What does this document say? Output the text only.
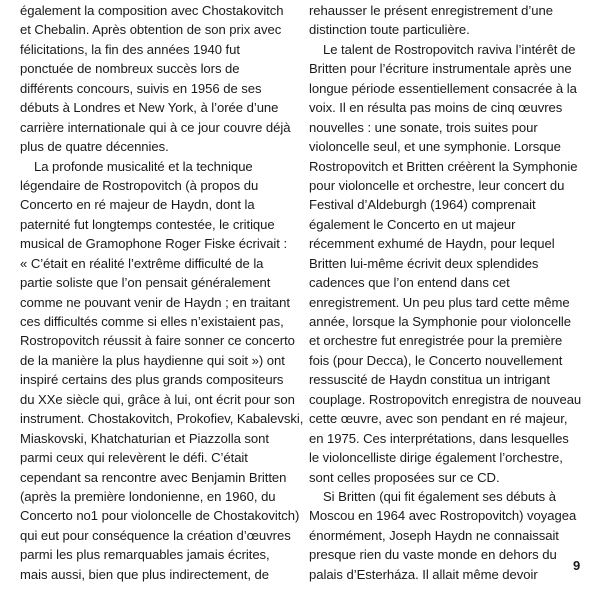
également la composition avec Chostakovitch
et Chebalin. Après obtention de son prix avec
félicitations, la fin des années 1940 fut
ponctuée de nombreux succès lors de
différents concours, suivis en 1956 de ses
débuts à Londres et New York, à l’orée d’une
carrière internationale qui à ce jour couvre déjà
plus de quatre décennies.
La profonde musicalité et la technique
légendaire de Rostropovitch (à propos du
Concerto en ré majeur de Haydn, dont la
paternité fut longtemps contestée, le critique
musical de Gramophone Roger Fiske écrivait :
« C’était en réalité l’extrême difficulté de la
partie soliste que l’on pensait généralement
comme ne pouvant venir de Haydn ; en traitant
ces difficultés comme si elles n’existaient pas,
Rostropovitch réussit à faire sonner ce concerto
de la manière la plus haydienne qui soit ») ont
inspiré certains des plus grands compositeurs
du XXe siècle qui, grâce à lui, ont écrit pour son
instrument. Chostakovitch, Prokofiev, Kabalevski,
Miaskovski, Khatchaturian et Piazzolla sont
parmi ceux qui relevèrent le défi. C’était
cependant sa rencontre avec Benjamin Britten
(après la première londonienne, en 1960, du
Concerto no1 pour violoncelle de Chostakovitch)
qui eut pour conséquence la création d’œuvres
parmi les plus remarquables jamais écrites,
mais aussi, bien que plus indirectement, de
rehausser le présent enregistrement d’une
distinction toute particulière.
Le talent de Rostropovitch raviva l’intérêt de
Britten pour l’écriture instrumentale après une
longue période essentiellement consacrée à la
voix. Il en résulta pas moins de cinq œuvres
nouvelles : une sonate, trois suites pour
violoncelle seul, et une symphonie. Lorsque
Rostropovitch et Britten créèrent la Symphonie
pour violoncelle et orchestre, leur concert du
Festival d’Aldeburgh (1964) comprenait
également le Concerto en ut majeur
récemment exhumé de Haydn, pour lequel
Britten lui-même écrivit deux splendides
cadences que l’on entend dans cet
enregistrement. Un peu plus tard cette même
année, lorsque la Symphonie pour violoncelle
et orchestre fut enregistrée pour la première
fois (pour Decca), le Concerto nouvellement
ressuscité de Haydn constitua un intrigant
couplage. Rostropovitch enregistra de nouveau
cette œuvre, avec son pendant en ré majeur,
en 1975. Ces interprétations, dans lesquelles
le violoncelliste dirige également l’orchestre,
sont celles proposées sur ce CD.
Si Britten (qui fit également ses débuts à
Moscou en 1964 avec Rostropovitch) voyagea
énormément, Joseph Haydn ne connaissait
presque rien du vaste monde en dehors du
palais d’Esterháza. Il allait même devoir
9
